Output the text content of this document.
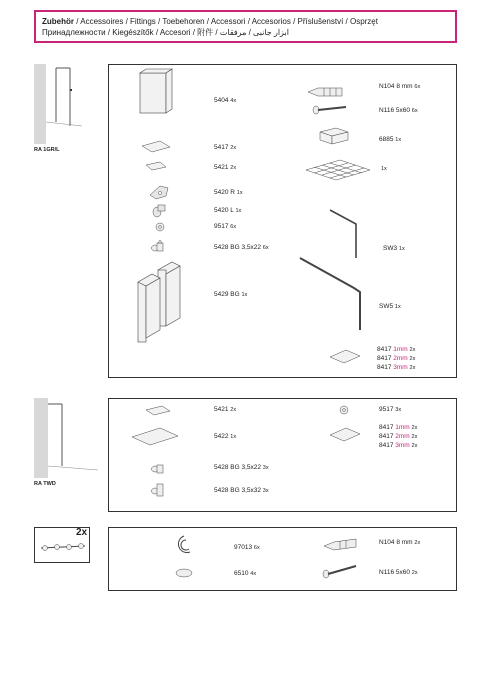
Zubehör / Accessoires / Fittings / Toebehoren / Accessori / Accesorios / Příslušenství / Osprzęt
Принадлежности / Kiegészítők / Accesori / 附件 / ابزار جانبی / مرفقات
RA 1GR/L
5404 4x
5417 2x
5421 2x
5420 R 1x
5420 L 1x
9517 6x
5428 BG 3,5x22 6x
5429 BG 1x
N104 8 mm 6x
N116 5x60 6x
6885 1x
1x
SW3 1x
SW5 1x
8417 1mm 2x
8417 2mm 2x
8417 3mm 2x
RA TWD
5421 2x
5422 1x
5428 BG 3,5x22 3x
5428 BG 3,5x32 3x
9517 3x
8417 1mm 2x
8417 2mm 2x
8417 3mm 2x
2x
97013 6x
6510 4x
N104 8 mm 2x
N116 5x60 2x
